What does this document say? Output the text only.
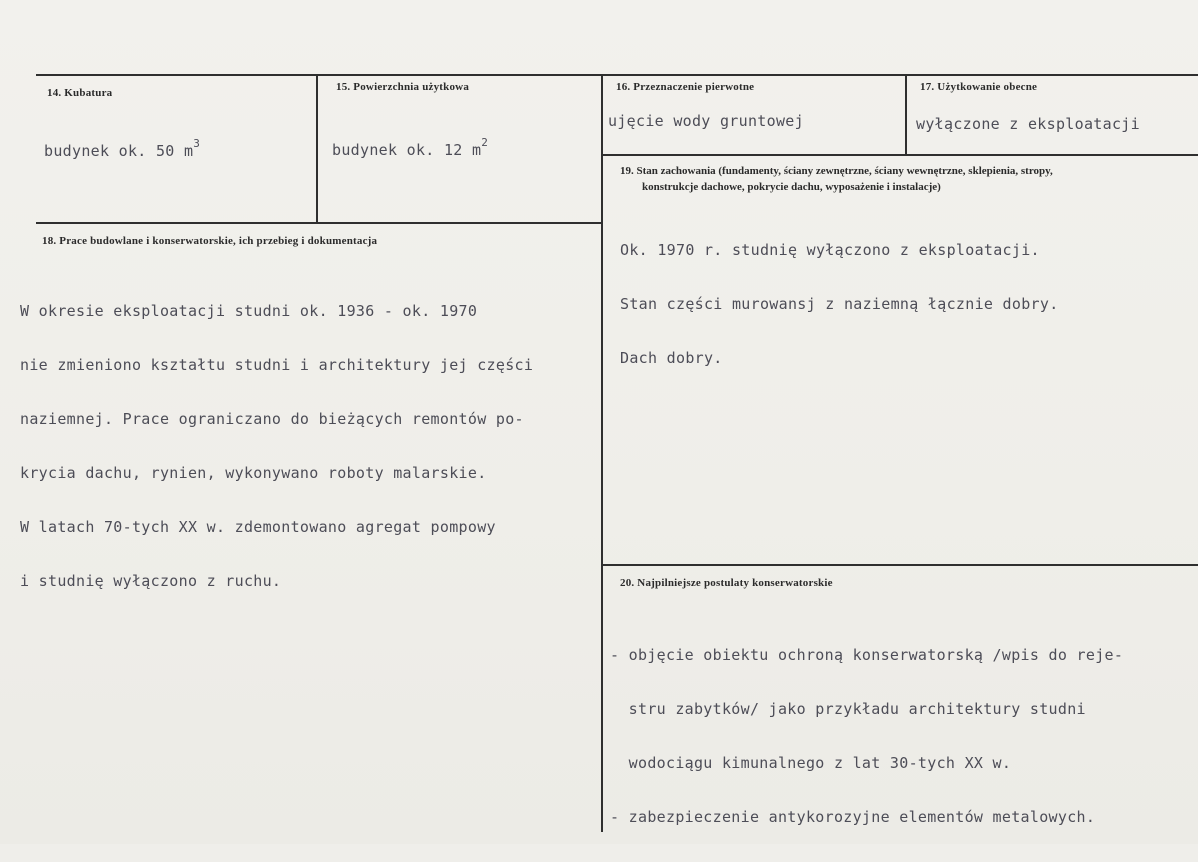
14. Kubatura
budynek ok. 50 $m^3$
15. Powierzchnia użytkowa
budynek ok. 12 $m^2$
16. Przeznaczenie pierwotne
ujęcie wody gruntowej
17. Użytkowanie obecne
wyłączone z eksploatacji
19. Stan zachowania (fundamenty, ściany zewnętrzne, ściany wewnętrzne, sklepienia, stropy,
konstrukcje dachowe, pokrycie dachu, wyposażenie i instalacje)

Ok. 1970 r. studnię wyłączono z eksploatacji.

Stan części murowansj z naziemną łącznie dobry.

Dach dobry.

18. Prace budowlane i konserwatorskie, ich przebieg i dokumentacja

W okresie eksploatacji studni ok. 1936 - ok. 1970

nie zmieniono kształtu studni i architektury jej części

naziemnej. Prace ograniczano do bieżących remontów po-

krycia dachu, rynien, wykonywano roboty malarskie.

W latach 70-tych XX w. zdemontowano agregat pompowy

i studnię wyłączono z ruchu.

	20. Najpilniejsze postulaty konserwatorskie

- objęcie obiektu ochroną konserwatorską /wpis do reje-

stru zabytków/ jako przykładu architektury studni

wodociągu kimunalnego z lat 30-tych XX w.

- zabezpieczenie antykorozyjne elementów metalowych.
